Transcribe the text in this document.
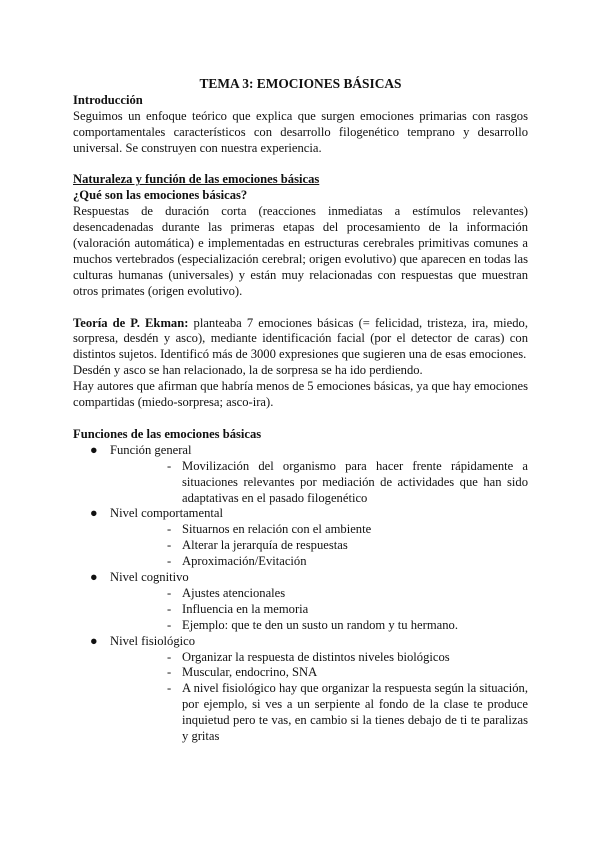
TEMA 3: EMOCIONES BÁSICAS
Introducción

Seguimos un enfoque teórico que explica que surgen emociones primarias con rasgos comportamentales característicos con desarrollo filogenético temprano y desarrollo universal. Se construyen con nuestra experiencia.

Naturaleza y función de las emociones básicas
¿Qué son las emociones básicas?

Respuestas de duración corta (reacciones inmediatas a estímulos relevantes) desencadenadas durante las primeras etapas del procesamiento de la información (valoración automática) e implementadas en estructuras cerebrales primitivas comunes a muchos vertebrados (especialización cerebral; origen evolutivo) que aparecen en todas las culturas humanas (universales) y están muy relacionadas con respuestas que muestran otros primates (origen evolutivo).

Teoría de P. Ekman: planteaba 7 emociones básicas (= felicidad, tristeza, ira, miedo, sorpresa, desdén y asco), mediante identificación facial (por el detector de caras) con distintos sujetos. Identificó más de 3000 expresiones que sugieren una de esas emociones.

Desdén y asco se han relacionado, la de sorpresa se ha ido perdiendo.

Hay autores que afirman que habría menos de 5 emociones básicas, ya que hay emociones compartidas (miedo-sorpresa; asco-ira).

Funciones de las emociones básicas
● Función general
- Movilización del organismo para hacer frente rápidamente a situaciones relevantes por mediación de actividades que han sido adaptativas en el pasado filogenético
● Nivel comportamental
- Situarnos en relación con el ambiente
- Alterar la jerarquía de respuestas
- Aproximación/Evitación
● Nivel cognitivo
- Ajustes atencionales
- Influencia en la memoria
- Ejemplo: que te den un susto un random y tu hermano.
● Nivel fisiológico
- Organizar la respuesta de distintos niveles biológicos
- Muscular, endocrino, SNA
- A nivel fisiológico hay que organizar la respuesta según la situación, por ejemplo, si ves a un serpiente al fondo de la clase te produce inquietud pero te vas, en cambio si la tienes debajo de ti te paralizas y gritas
